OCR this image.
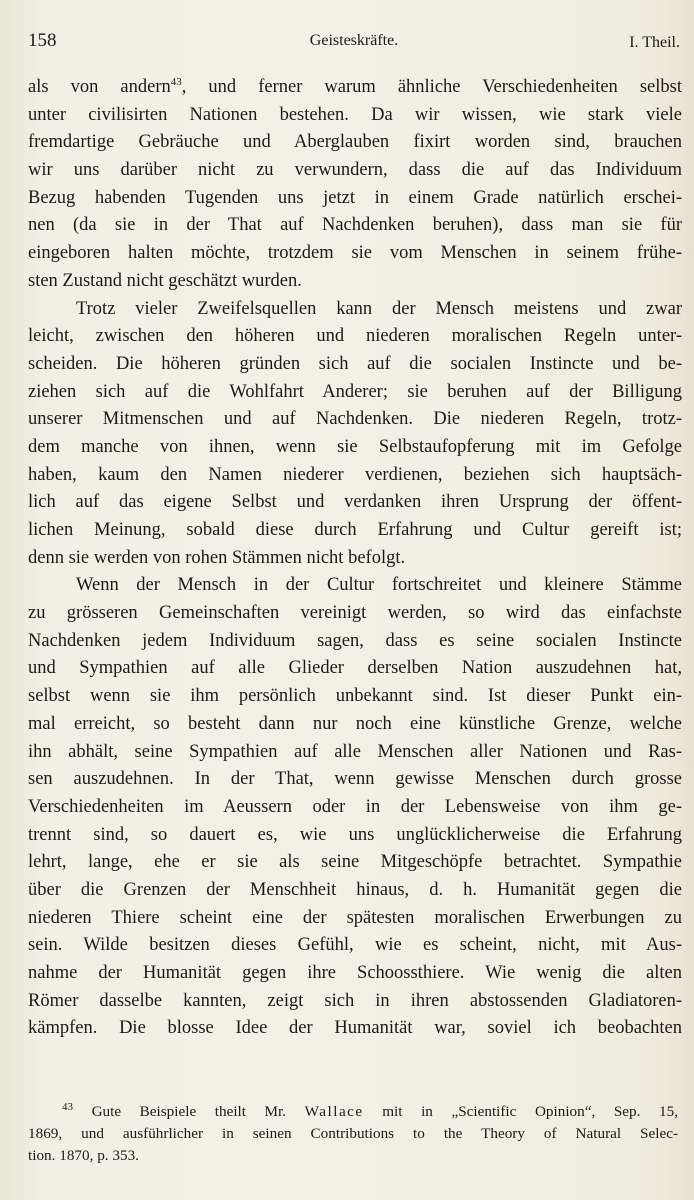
158	Geisteskräfte.	I. Theil.
als von andern$^{43}$, und ferner warum ähnliche Verschiedenheiten selbst
unter civilisirten Nationen bestehen. Da wir wissen, wie stark viele
fremdartige Gebräuche und Aberglauben fixirt worden sind, brauchen
wir uns darüber nicht zu verwundern, dass die auf das Individuum
Bezug habenden Tugenden uns jetzt in einem Grade natürlich erschei-
nen (da sie in der That auf Nachdenken beruhen), dass man sie für
eingeboren halten möchte, trotzdem sie vom Menschen in seinem frühe-
sten Zustand nicht geschätzt wurden.
Trotz vieler Zweifelsquellen kann der Mensch meistens und zwar
leicht, zwischen den höheren und niederen moralischen Regeln unter-
scheiden. Die höheren gründen sich auf die socialen Instincte und be-
ziehen sich auf die Wohlfahrt Anderer; sie beruhen auf der Billigung
unserer Mitmenschen und auf Nachdenken. Die niederen Regeln, trotz-
dem manche von ihnen, wenn sie Selbstaufopferung mit im Gefolge
haben, kaum den Namen niederer verdienen, beziehen sich hauptsäch-
lich auf das eigene Selbst und verdanken ihren Ursprung der öffent-
lichen Meinung, sobald diese durch Erfahrung und Cultur gereift ist;
denn sie werden von rohen Stämmen nicht befolgt.
Wenn der Mensch in der Cultur fortschreitet und kleinere Stämme
zu grösseren Gemeinschaften vereinigt werden, so wird das einfachste
Nachdenken jedem Individuum sagen, dass es seine socialen Instincte
und Sympathien auf alle Glieder derselben Nation auszudehnen hat,
selbst wenn sie ihm persönlich unbekannt sind. Ist dieser Punkt ein-
mal erreicht, so besteht dann nur noch eine künstliche Grenze, welche
ihn abhält, seine Sympathien auf alle Menschen aller Nationen und Ras-
sen auszudehnen. In der That, wenn gewisse Menschen durch grosse
Verschiedenheiten im Aeussern oder in der Lebensweise von ihm ge-
trennt sind, so dauert es, wie uns unglücklicherweise die Erfahrung
lehrt, lange, ehe er sie als seine Mitgeschöpfe betrachtet. Sympathie
über die Grenzen der Menschheit hinaus, d. h. Humanität gegen die
niederen Thiere scheint eine der spätesten moralischen Erwerbungen zu
sein. Wilde besitzen dieses Gefühl, wie es scheint, nicht, mit Aus-
nahme der Humanität gegen ihre Schoossthiere. Wie wenig die alten
Römer dasselbe kannten, zeigt sich in ihren abstossenden Gladiatoren-
kämpfen. Die blosse Idee der Humanität war, soviel ich beobachten
$^{43}$ Gute Beispiele theilt Mr. Wallace mit in „Scientific Opinion“, Sep. 15,
1869, und ausführlicher in seinen Contributions to the Theory of Natural Selec-
tion. 1870, p. 353.
